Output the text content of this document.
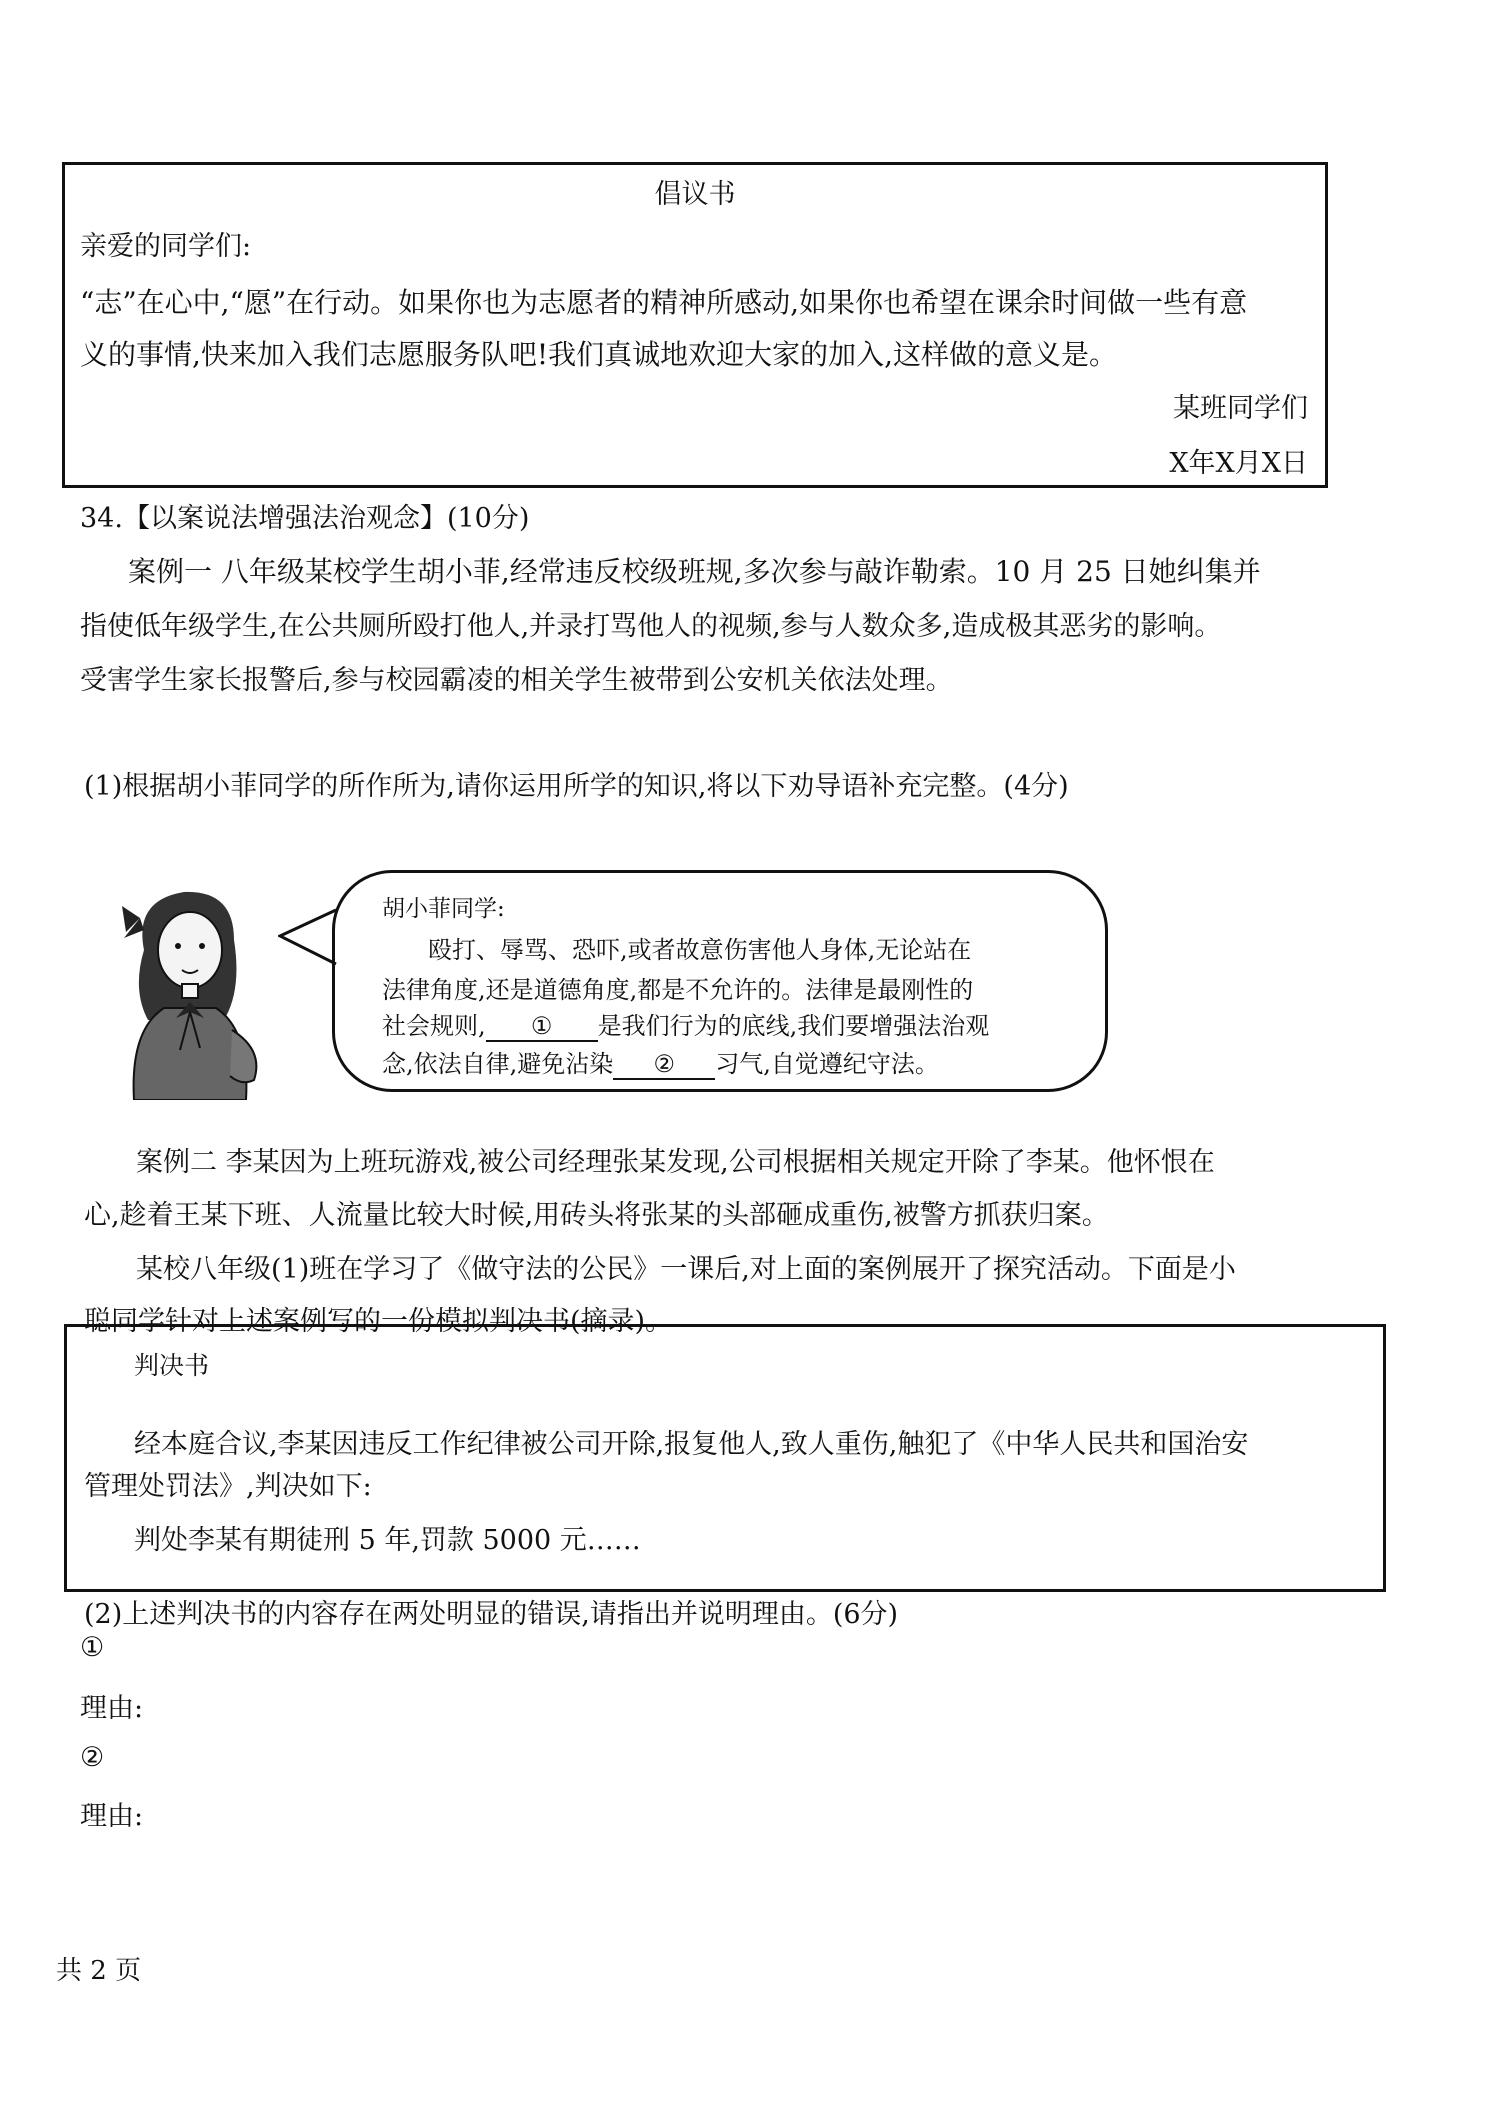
倡议书
亲爱的同学们:
“志”在心中,“愿”在行动。如果你也为志愿者的精神所感动,如果你也希望在课余时间做一些有意
义的事情,快来加入我们志愿服务队吧!我们真诚地欢迎大家的加入,这样做的意义是。
某班同学们
X年X月X日
34.【以案说法增强法治观念】(10分)
案例一 八年级某校学生胡小菲,经常违反校级班规,多次参与敲诈勒索。10 月 25 日她纠集并
指使低年级学生,在公共厕所殴打他人,并录打骂他人的视频,参与人数众多,造成极其恶劣的影响。
受害学生家长报警后,参与校园霸凌的相关学生被带到公安机关依法处理。
(1)根据胡小菲同学的所作所为,请你运用所学的知识,将以下劝导语补充完整。(4分)
胡小菲同学:
殴打、辱骂、恐吓,或者故意伤害他人身体,无论站在
法律角度,还是道德角度,都是不允许的。法律是最刚性的
社会规则, ① 是我们行为的底线,我们要增强法治观
念,依法自律,避免沾染 ② 习气,自觉遵纪守法。
案例二 李某因为上班玩游戏,被公司经理张某发现,公司根据相关规定开除了李某。他怀恨在
心,趁着王某下班、人流量比较大时候,用砖头将张某的头部砸成重伤,被警方抓获归案。
某校八年级(1)班在学习了《做守法的公民》一课后,对上面的案例展开了探究活动。下面是小
聪同学针对上述案例写的一份模拟判决书(摘录)。
判决书
经本庭合议,李某因违反工作纪律被公司开除,报复他人,致人重伤,触犯了《中华人民共和国治安
管理处罚法》,判决如下:
判处李某有期徒刑 5 年,罚款 5000 元……
(2)上述判决书的内容存在两处明显的错误,请指出并说明理由。(6分)
①
理由:
②
理由:
共 2 页
